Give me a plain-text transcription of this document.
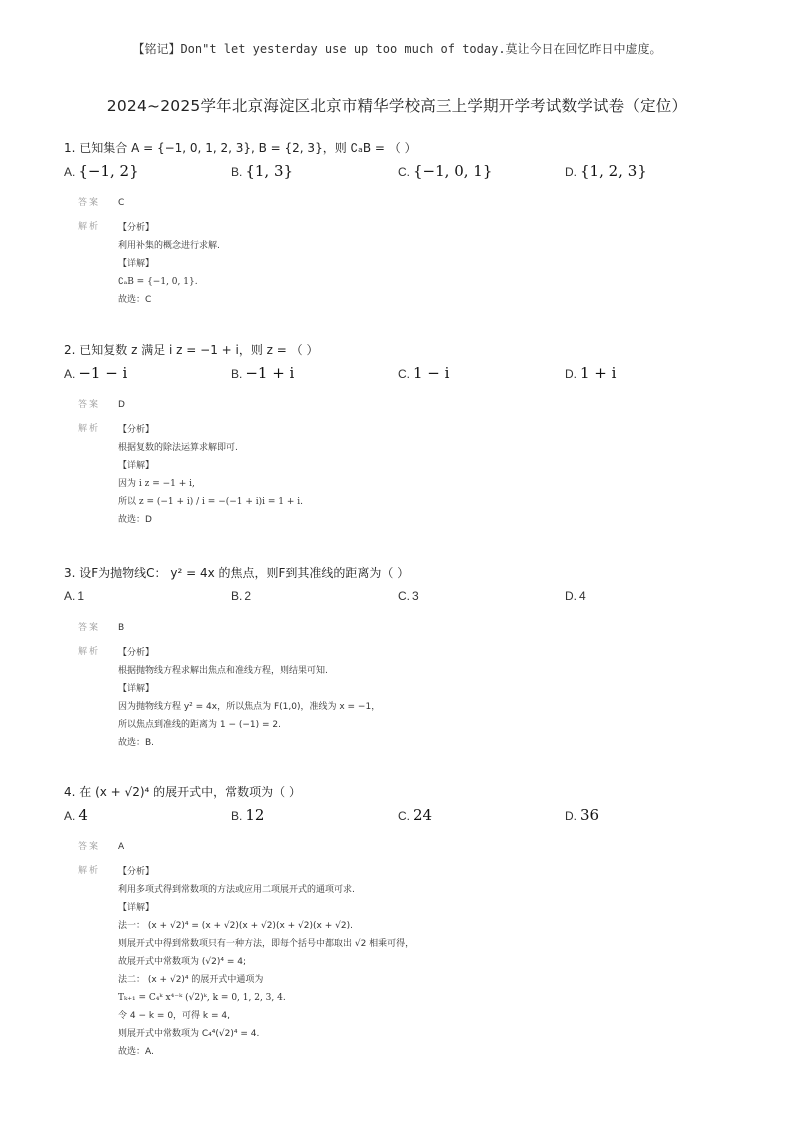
【铭记】Don"t let yesterday use up too much of today.莫让今日在回忆昨日中虚度。
2024~2025学年北京海淀区北京市精华学校高三上学期开学考试数学试卷（定位）
1. 已知集合 A = {−1, 0, 1, 2, 3}, B = {2, 3}，则 ∁ₐB = （ ）
A. {−1, 2}	B. {1, 3}	C. {−1, 0, 1}	D. {1, 2, 3}
答案 C
解析	【分析】
利用补集的概念进行求解.
【详解】
∁ₐB = {−1, 0, 1}.
故选：C
2. 已知复数 z 满足 i z = −1 + i，则 z = （ ）
A. −1 − i	B. −1 + i	C. 1 − i	D. 1 + i
答案 D
解析	【分析】
根据复数的除法运算求解即可.
【详解】
因为 i z = −1 + i,
所以 z = (−1 + i) / i = −(−1 + i)i = 1 + i.
故选：D
3. 设F为抛物线C： y² = 4x 的焦点，则F到其准线的距离为（ ）
A. 1	B. 2	C. 3	D. 4
答案 B
解析	【分析】
根据抛物线方程求解出焦点和准线方程，则结果可知.
【详解】
因为抛物线方程 y² = 4x，所以焦点为 F(1,0)，准线为 x = −1，
所以焦点到准线的距离为 1 − (−1) = 2.
故选：B.
4. 在 (x + √2)⁴ 的展开式中，常数项为（ ）
A. 4	B. 12	C. 24	D. 36
答案 A
解析	【分析】
利用多项式得到常数项的方法或应用二项展开式的通项可求.
【详解】
法一： (x + √2)⁴ = (x + √2)(x + √2)(x + √2)(x + √2).
则展开式中得到常数项只有一种方法，即每个括号中都取出 √2 相乘可得，
故展开式中常数项为 (√2)⁴ = 4;
法二： (x + √2)⁴ 的展开式中通项为
Tₖ₊₁ = C₄ᵏ x⁴⁻ᵏ (√2)ᵏ, k = 0, 1, 2, 3, 4.
令 4 − k = 0，可得 k = 4,
则展开式中常数项为 C₄⁴(√2)⁴ = 4.
故选：A.
